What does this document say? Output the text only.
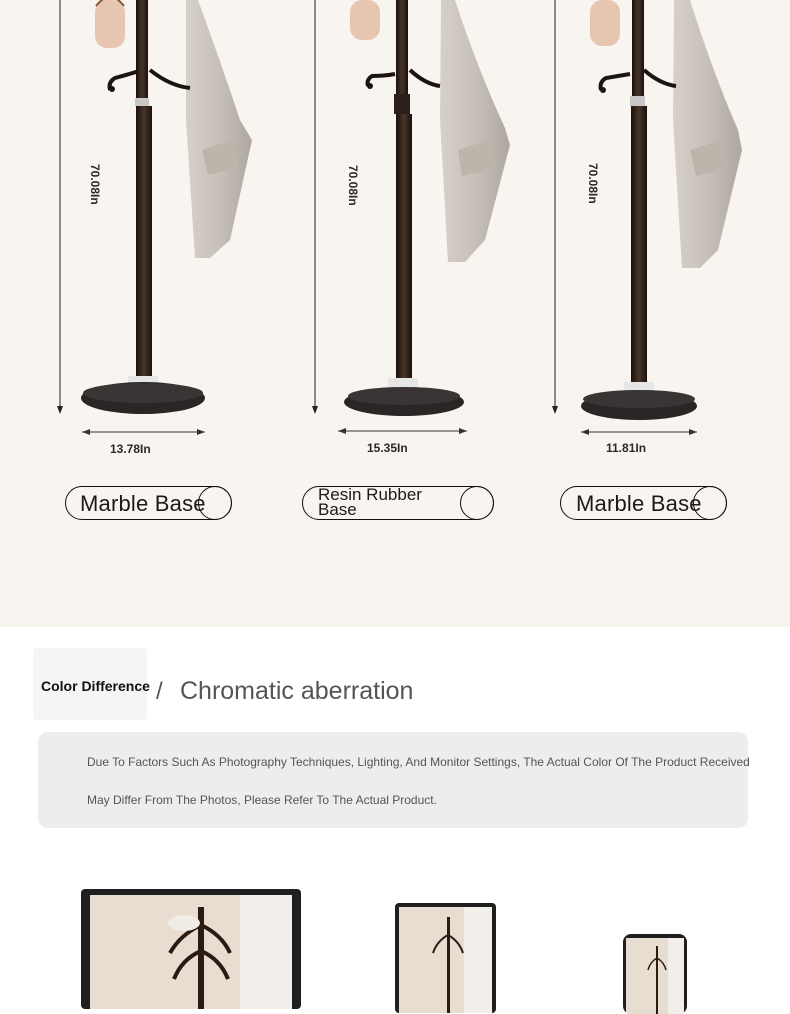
70.08In	70.08In	70.08In
13.78In	15.35In	11.81In
Marble Base	Resin Rubber Base	Marble Base
Color Difference / Chromatic aberration
Due To Factors Such As Photography Techniques, Lighting, And Monitor Settings, The Actual Color Of The Product Received
May Differ From The Photos, Please Refer To The Actual Product.
